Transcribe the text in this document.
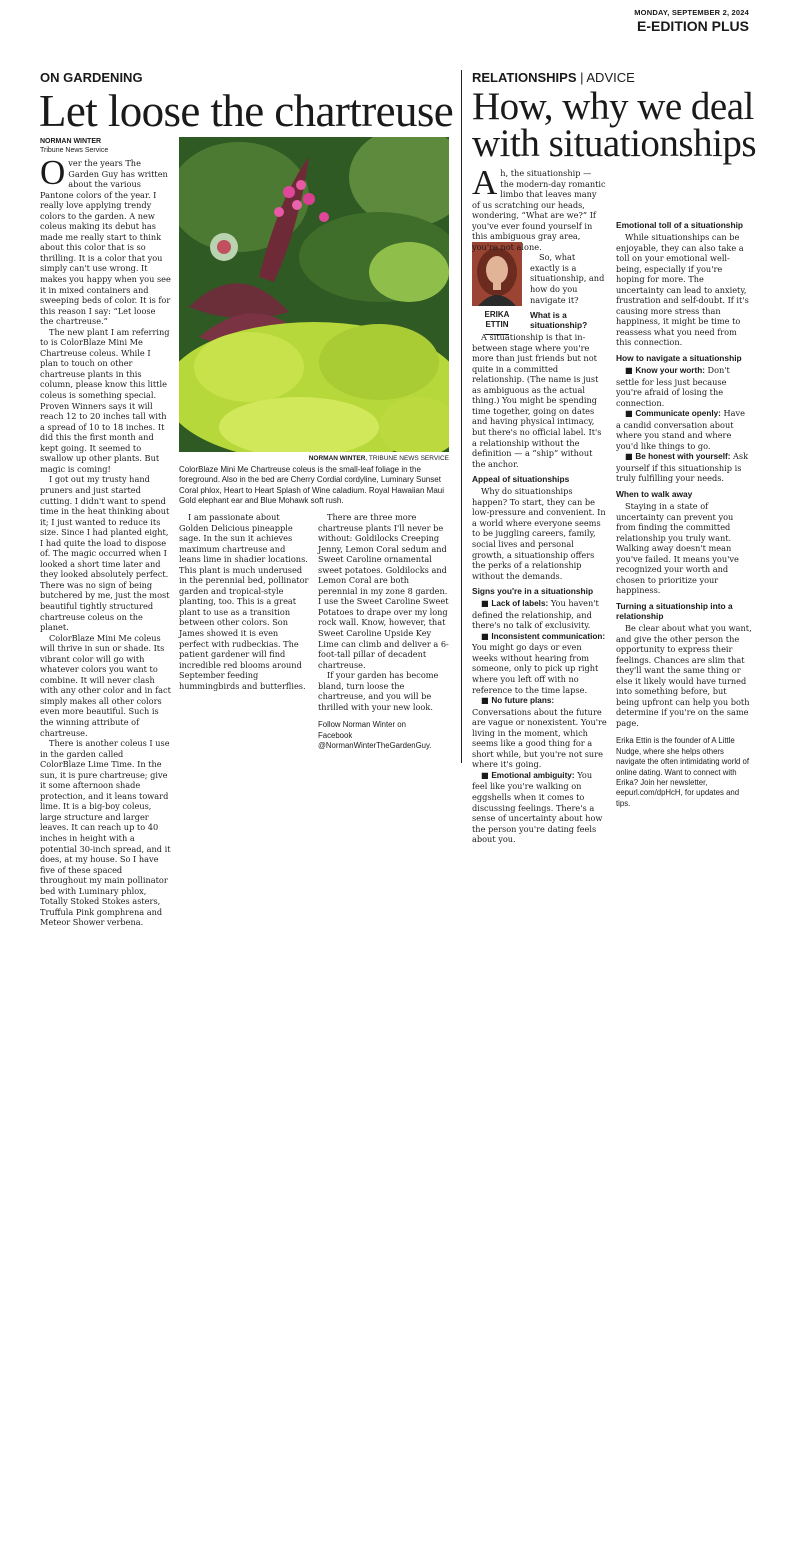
MONDAY, SEPTEMBER 2, 2024
E-EDITION PLUS
ON GARDENING
Let loose the chartreuse
NORMAN WINTER, TRIBUNE NEWS SERVICE
ColorBlaze Mini Me Chartreuse coleus is the small-leaf foliage in the foreground. Also in the bed are Cherry Cordial cordyline, Luminary Sunset Coral phlox, Heart to Heart Splash of Wine caladium. Royal Hawaiian Maui Gold elephant ear and Blue Mohawk soft rush.
NORMAN WINTER
Tribune News Service

Over the years The Garden Guy has written about the various Pantone colors of the year. I really love applying trendy colors to the garden. A new coleus making its debut has made me really start to think about this color that is so thrilling. It is a color that you simply can't use wrong. It makes you happy when you see it in mixed containers and sweeping beds of color. It is for this reason I say: “Let loose the chartreuse.”

The new plant I am referring to is ColorBlaze Mini Me Chartreuse coleus. While I plan to touch on other chartreuse plants in this column, please know this little coleus is something special. Proven Winners says it will reach 12 to 20 inches tall with a spread of 10 to 18 inches. It did this the first month and kept going. It seemed to swallow up other plants. But magic is coming!

I got out my trusty hand pruners and just started cutting. I didn't want to spend time in the heat thinking about it; I just wanted to reduce its size. Since I had planted eight, I had quite the load to dispose of. The magic occurred when I looked a short time later and they looked absolutely perfect. There was no sign of being butchered by me, just the most beautiful tightly structured chartreuse coleus on the planet.

ColorBlaze Mini Me coleus will thrive in sun or shade. Its vibrant color will go with whatever colors you want to combine. It will never clash with any other color and in fact simply makes all other colors even more beautiful. Such is the winning attribute of chartreuse.

There is another coleus I use in the garden called ColorBlaze Lime Time. In the sun, it is pure chartreuse; give it some afternoon shade protection, and it leans toward lime. It is a big-boy coleus, large structure and larger leaves. It can reach up to 40 inches in height with a potential 30-inch spread, and it does, at my house. So I have five of these spaced throughout my main pollinator bed with Luminary phlox, Totally Stoked Stokes asters, Truffula Pink gomphrena and Meteor Shower verbena.

I am passionate about Golden Delicious pineapple sage. In the sun it achieves maximum chartreuse and leans lime in shadier locations. This plant is much underused in the perennial bed, pollinator garden and tropical-style planting, too. This is a great plant to use as a transition between other colors. Son James showed it is even perfect with rudbeckias. The patient gardener will find incredible red blooms around September feeding hummingbirds and butterflies.

There are three more chartreuse plants I'll never be without: Goldilocks Creeping Jenny, Lemon Coral sedum and Sweet Caroline ornamental sweet potatoes. Goldilocks and Lemon Coral are both perennial in my zone 8 garden. I use the Sweet Caroline Sweet Potatoes to drape over my long rock wall. Know, however, that Sweet Caroline Upside Key Lime can climb and deliver a 6-foot-tall pillar of decadent chartreuse.

If your garden has become bland, turn loose the chartreuse, and you will be thrilled with your new look.

Follow Norman Winter on Facebook @NormanWinterTheGardenGuy.

RELATIONSHIPS | ADVICE
How, why we deal
with situationships
ERIKA
ETTIN

Ah, the situationship — the modern-day romantic limbo that leaves many of us scratching our heads, wondering, “What are we?” If you've ever found yourself in this ambiguous gray area, you're not alone.

So, what exactly is a situationship, and how do you navigate it?

What is a situationship?

A situationship is that in-between stage where you're more than just friends but not quite in a committed relationship. (The name is just as ambiguous as the actual thing.) You might be spending time together, going on dates and having physical intimacy, but there's no official label. It's a relationship without the definition — a “ship” without the anchor.

Appeal of situationships

Why do situationships happen? To start, they can be low-pressure and convenient. In a world where everyone seems to be juggling careers, family, social lives and personal growth, a situationship offers the perks of a relationship without the demands.

Signs you're in a situationship

■ Lack of labels: You haven't defined the relationship, and there's no talk of exclusivity.

■ Inconsistent communication: You might go days or even weeks without hearing from someone, only to pick up right where you left off with no reference to the time lapse.

■ No future plans: Conversations about the future are vague or nonexistent. You're living in the moment, which seems like a good thing for a short while, but you're not sure where it's going.

■ Emotional ambiguity: You feel like you're walking on eggshells when it comes to discussing feelings. There's a sense of uncertainty about how the person you're dating feels about you.

Emotional toll of a situationship

While situationships can be enjoyable, they can also take a toll on your emotional well-being, especially if you're hoping for more. The uncertainty can lead to anxiety, frustration and self-doubt. If it's causing more stress than happiness, it might be time to reassess what you need from this connection.

How to navigate a situationship

■ Know your worth: Don't settle for less just because you're afraid of losing the connection.

■ Communicate openly: Have a candid conversation about where you stand and where you'd like things to go.

■ Be honest with yourself: Ask yourself if this situationship is truly fulfilling your needs.

When to walk away

Staying in a state of uncertainty can prevent you from finding the committed relationship you truly want. Walking away doesn't mean you've failed. It means you've recognized your worth and chosen to prioritize your happiness.

Turning a situationship into a relationship

Be clear about what you want, and give the other person the opportunity to express their feelings. Chances are slim that they'll want the same thing or else it likely would have turned into something before, but being upfront can help you both determine if you're on the same page.

Erika Ettin is the founder of A Little Nudge, where she helps others navigate the often intimidating world of online dating. Want to connect with Erika? Join her newsletter, eepurl.com/dpHcH, for updates and tips.
